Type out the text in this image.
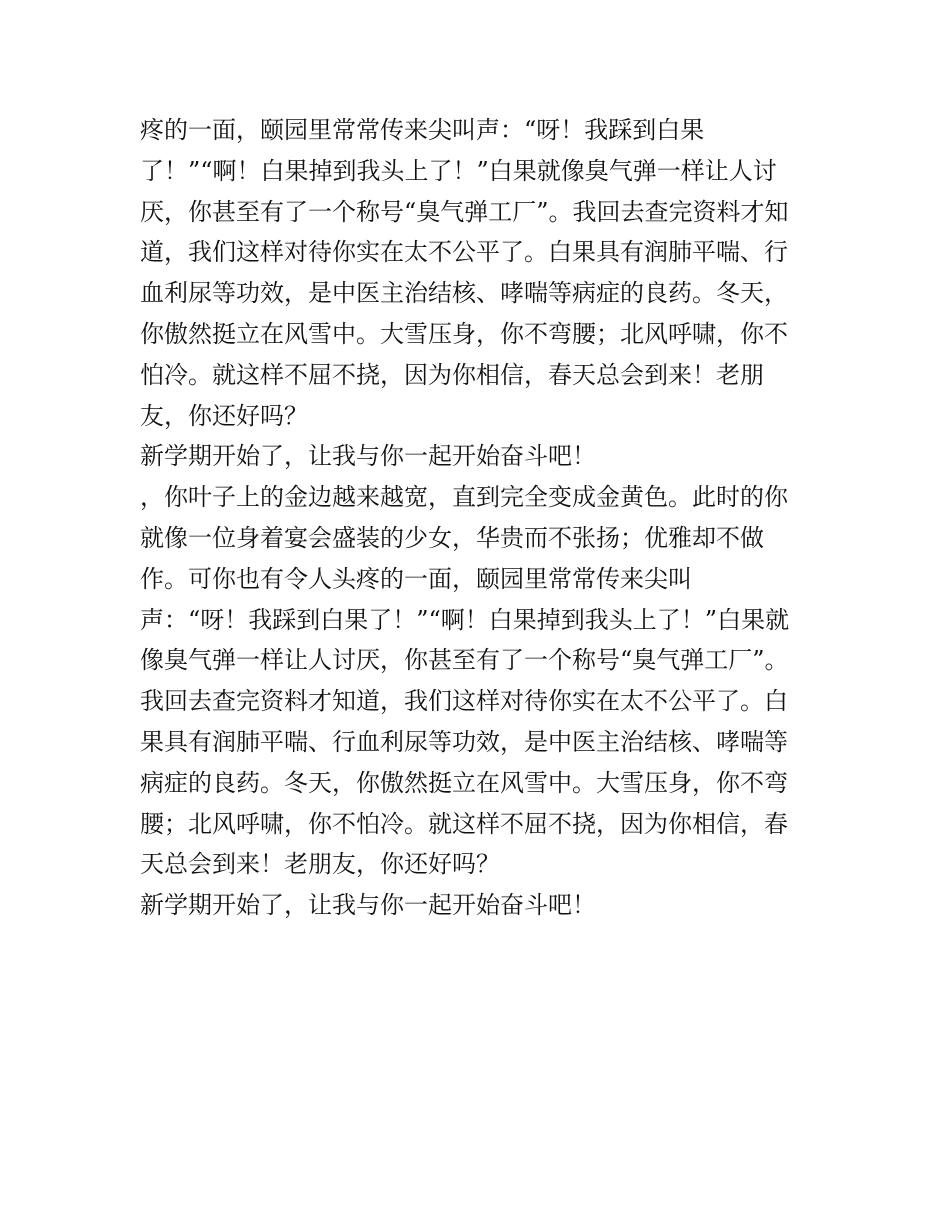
疼的一面，颐园里常常传来尖叫声：“呀！我踩到白果
了！”“啊！白果掉到我头上了！”白果就像臭气弹一样让人讨
厌，你甚至有了一个称号“臭气弹工厂”。我回去查完资料才知
道，我们这样对待你实在太不公平了。白果具有润肺平喘、行
血利尿等功效，是中医主治结核、哮喘等病症的良药。冬天，
你傲然挺立在风雪中。大雪压身，你不弯腰；北风呼啸，你不
怕冷。就这样不屈不挠，因为你相信，春天总会到来！老朋
友，你还好吗？
新学期开始了，让我与你一起开始奋斗吧！
，你叶子上的金边越来越宽，直到完全变成金黄色。此时的你
就像一位身着宴会盛装的少女，华贵而不张扬；优雅却不做
作。可你也有令人头疼的一面，颐园里常常传来尖叫
声：“呀！我踩到白果了！”“啊！白果掉到我头上了！”白果就
像臭气弹一样让人讨厌，你甚至有了一个称号“臭气弹工厂”。
我回去查完资料才知道，我们这样对待你实在太不公平了。白
果具有润肺平喘、行血利尿等功效，是中医主治结核、哮喘等
病症的良药。冬天，你傲然挺立在风雪中。大雪压身，你不弯
腰；北风呼啸，你不怕冷。就这样不屈不挠，因为你相信，春
天总会到来！老朋友，你还好吗？
新学期开始了，让我与你一起开始奋斗吧！
